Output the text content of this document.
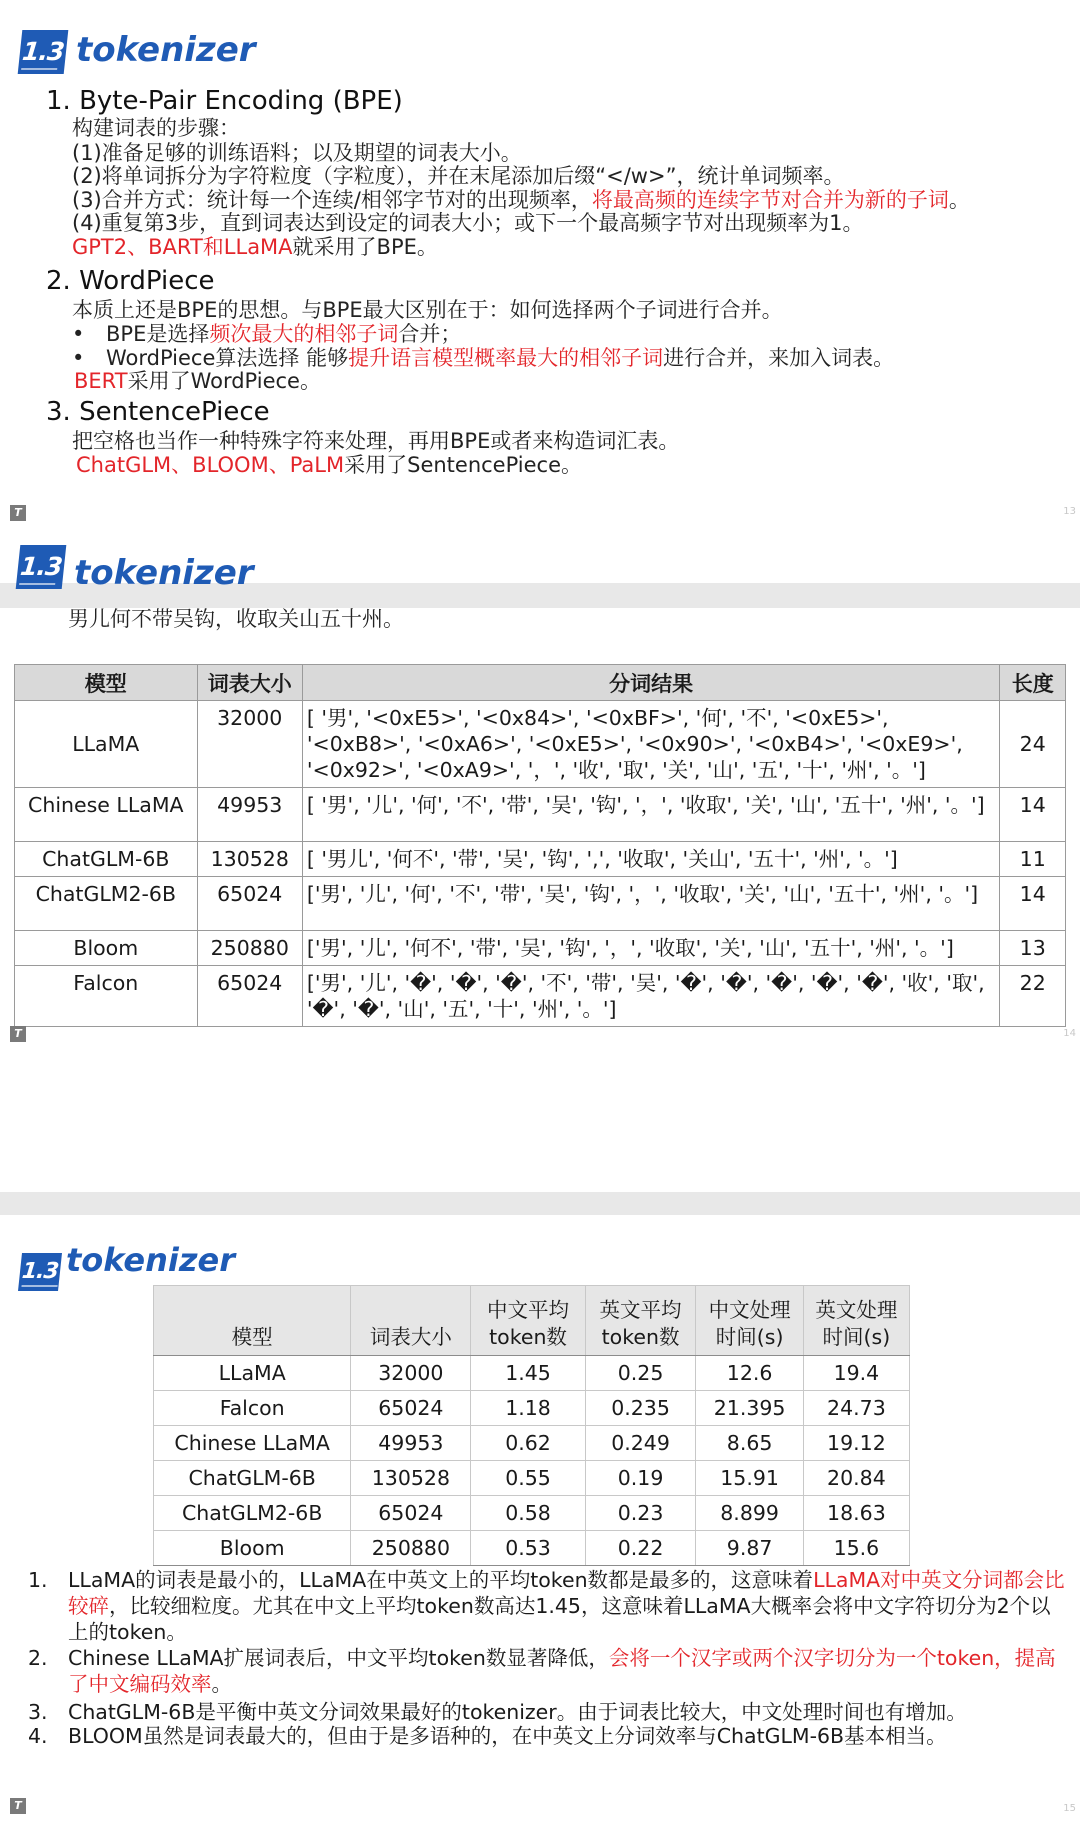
1.3 tokenizer
1. Byte-Pair Encoding (BPE)
构建词表的步骤：
(1)准备足够的训练语料；以及期望的词表大小。
(2)将单词拆分为字符粒度（字粒度），并在末尾添加后缀“</w>”，统计单词频率。
(3)合并方式：统计每一个连续/相邻字节对的出现频率，将最高频的连续字节对合并为新的子词。
(4)重复第3步，直到词表达到设定的词表大小；或下一个最高频字节对出现频率为1。
GPT2、BART和LLaMA就采用了BPE。
2. WordPiece
本质上还是BPE的思想。与BPE最大区别在于：如何选择两个子词进行合并。
• BPE是选择频次最大的相邻子词合并；
• WordPiece算法选择 能够提升语言模型概率最大的相邻子词进行合并，来加入词表。
BERT采用了WordPiece。
3. SentencePiece
把空格也当作一种特殊字符来处理，再用BPE或者来构造词汇表。
ChatGLM、BLOOM、PaLM采用了SentencePiece。
T	13
1.3 tokenizer
男儿何不带吴钩，收取关山五十州。
模型	词表大小	分词结果	长度
LLaMA	32000	[ '男', '<0xE5>', '<0x84>', '<0xBF>', '何', '不', '<0xE5>', '<0xB8>', '<0xA6>', '<0xE5>', '<0x90>', '<0xB4>', '<0xE9>', '<0x92>', '<0xA9>', '，', '收', '取', '关', '山', '五', '十', '州', '。']	24
Chinese LLaMA	49953	[ '男', '儿', '何', '不', '带', '吴', '钩', '，', '收取', '关', '山', '五十', '州', '。']	14
ChatGLM-6B	130528	[ '男儿', '何不', '带', '吴', '钩', ',', '收取', '关山', '五十', '州', '。']	11
ChatGLM2-6B	65024	['男', '儿', '何', '不', '带', '吴', '钩', '，', '收取', '关', '山', '五十', '州', '。']	14
Bloom	250880	['男', '儿', '何不', '带', '吴', '钩', '，', '收取', '关', '山', '五十', '州', '。']	13
Falcon	65024	['男', '儿', '�', '�', '�', '不', '带', '吴', '�', '�', '�', '�', '�', '收', '取', '�', '�', '山', '五', '十', '州', '。']	22
1.3 tokenizer
模型	词表大小	中文平均 token数	英文平均 token数	中文处理 时间(s)	英文处理 时间(s)
LLaMA	32000	1.45	0.25	12.6	19.4
Falcon	65024	1.18	0.235	21.395	24.73
Chinese LLaMA	49953	0.62	0.249	8.65	19.12
ChatGLM-6B	130528	0.55	0.19	15.91	20.84
ChatGLM2-6B	65024	0.58	0.23	8.899	18.63
Bloom	250880	0.53	0.22	9.87	15.6
1. LLaMA的词表是最小的，LLaMA在中英文上的平均token数都是最多的，这意味着LLaMA对中英文分词都会比较碎，比较细粒度。尤其在中文上平均token数高达1.45，这意味着LLaMA大概率会将中文字符切分为2个以上的token。
2. Chinese LLaMA扩展词表后，中文平均token数显著降低，会将一个汉字或两个汉字切分为一个token，提高了中文编码效率。
3. ChatGLM-6B是平衡中英文分词效果最好的tokenizer。由于词表比较大，中文处理时间也有增加。
4. BLOOM虽然是词表最大的，但由于是多语种的，在中英文上分词效率与ChatGLM-6B基本相当。
T	15
T	14
